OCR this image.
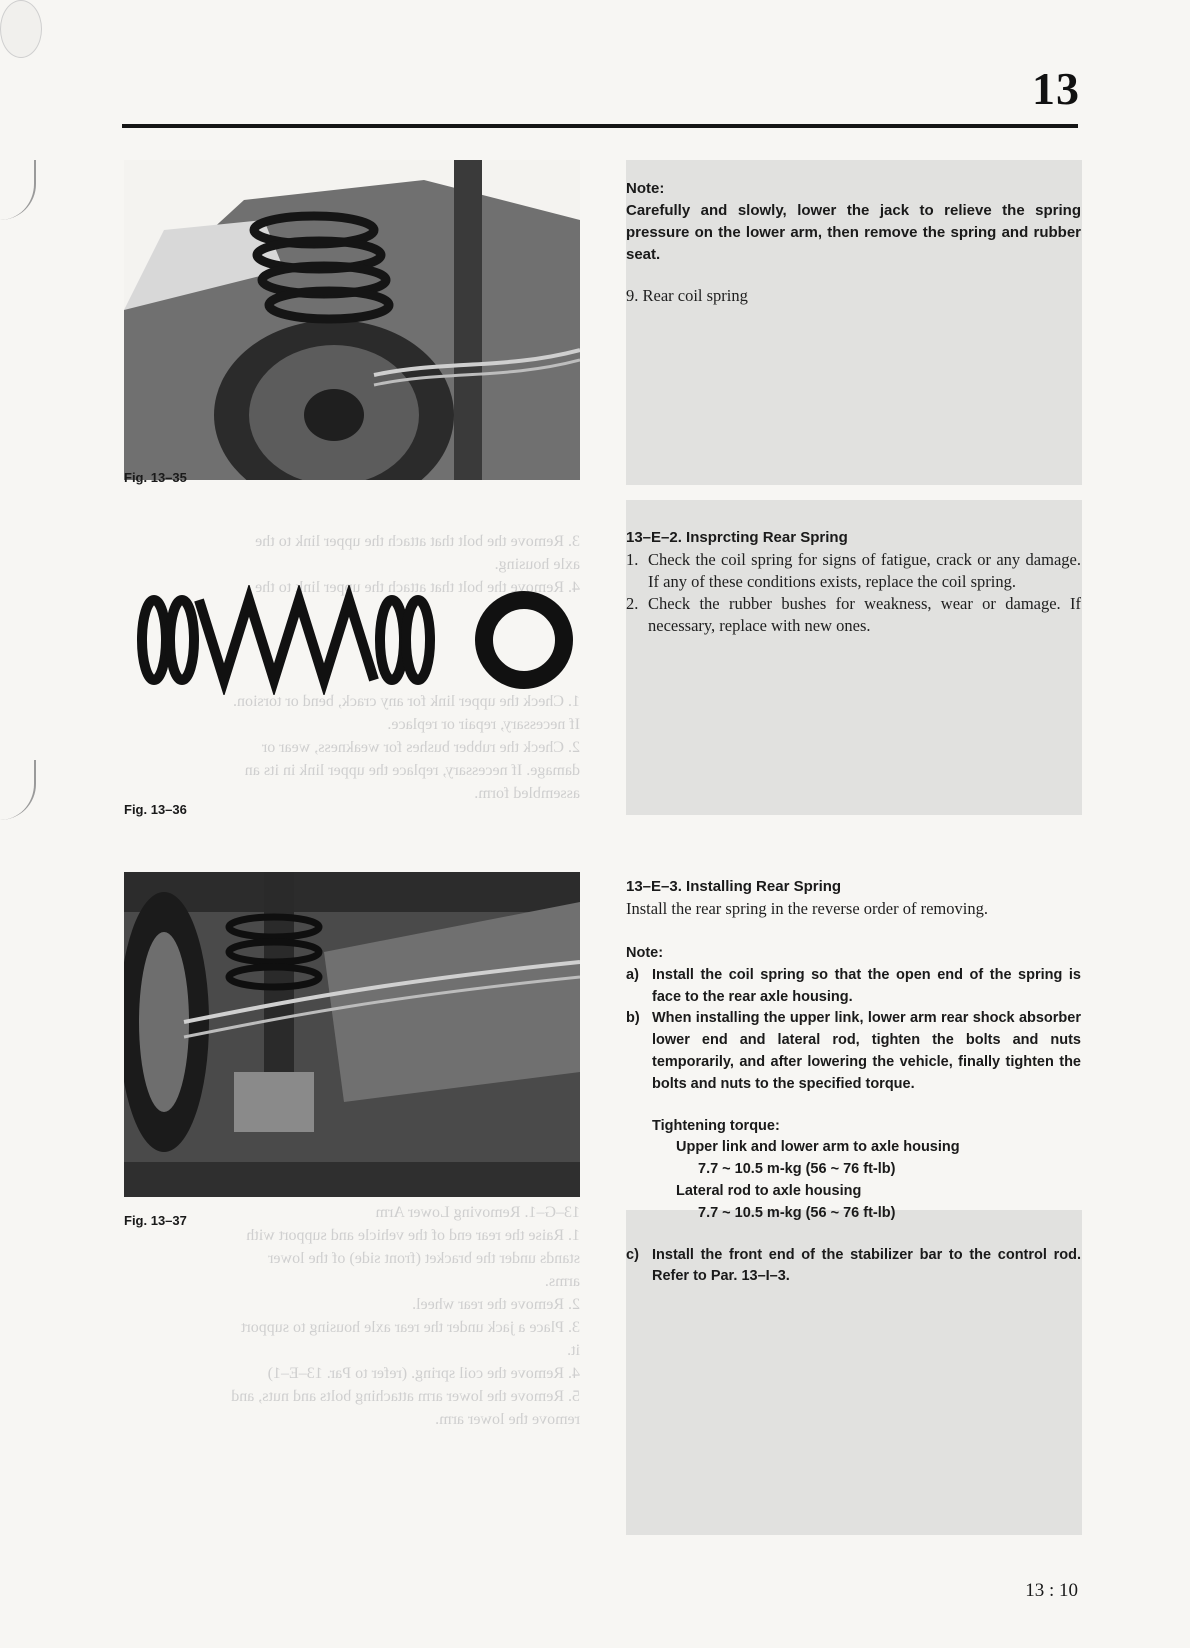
13

3. Remove the bolt that attach the upper link to the

axle housing.

4. Remove the bolt that attach the upper link to the

1. Check the upper link for any crack, bend or torsion.

If necessary, repair or replace.

2. Check the rubber bushes for weakness, wear or

damage. If necessary, replace the upper link in its an

assembled form.

13–G–1. Removing Lower Arm

1. Raise the rear end of the vehicle and support with

stands under the bracket (front side) of the lower

arms.

2. Remove the rear wheel.

3. Place a jack under the rear axle housing to support

it.

4. Remove the coil spring. (refer to Par. 13–E–1)

5. Remove the lower arm attaching bolts and nuts, and

remove the lower arm.

Fig. 13–35
Fig. 13–36
Fig. 13–37
Note:
Carefully and slowly, lower the jack to relieve the spring pressure on the lower arm, then remove the spring and rubber seat.
9. Rear coil spring
13–E–2. Insprcting Rear Spring
1. Check the coil spring for signs of fatigue, crack or any damage. If any of these conditions exists, replace the coil spring.
2. Check the rubber bushes for weakness, wear or damage. If necessary, replace with new ones.
13–E–3. Installing Rear Spring
Install the rear spring in the reverse order of removing.
Note:
a) Install the coil spring so that the open end of the spring is face to the rear axle housing.
b) When installing the upper link, lower arm rear shock absorber lower end and lateral rod, tighten the bolts and nuts temporarily, and after lowering the vehicle, finally tighten the bolts and nuts to the specified torque.
Tightening torque:
Upper link and lower arm to axle housing
7.7 ~ 10.5 m-kg (56 ~ 76 ft-lb)
Lateral rod to axle housing
7.7 ~ 10.5 m-kg (56 ~ 76 ft-lb)
c) Install the front end of the stabilizer bar to the control rod. Refer to Par. 13–I–3.
13 : 10
